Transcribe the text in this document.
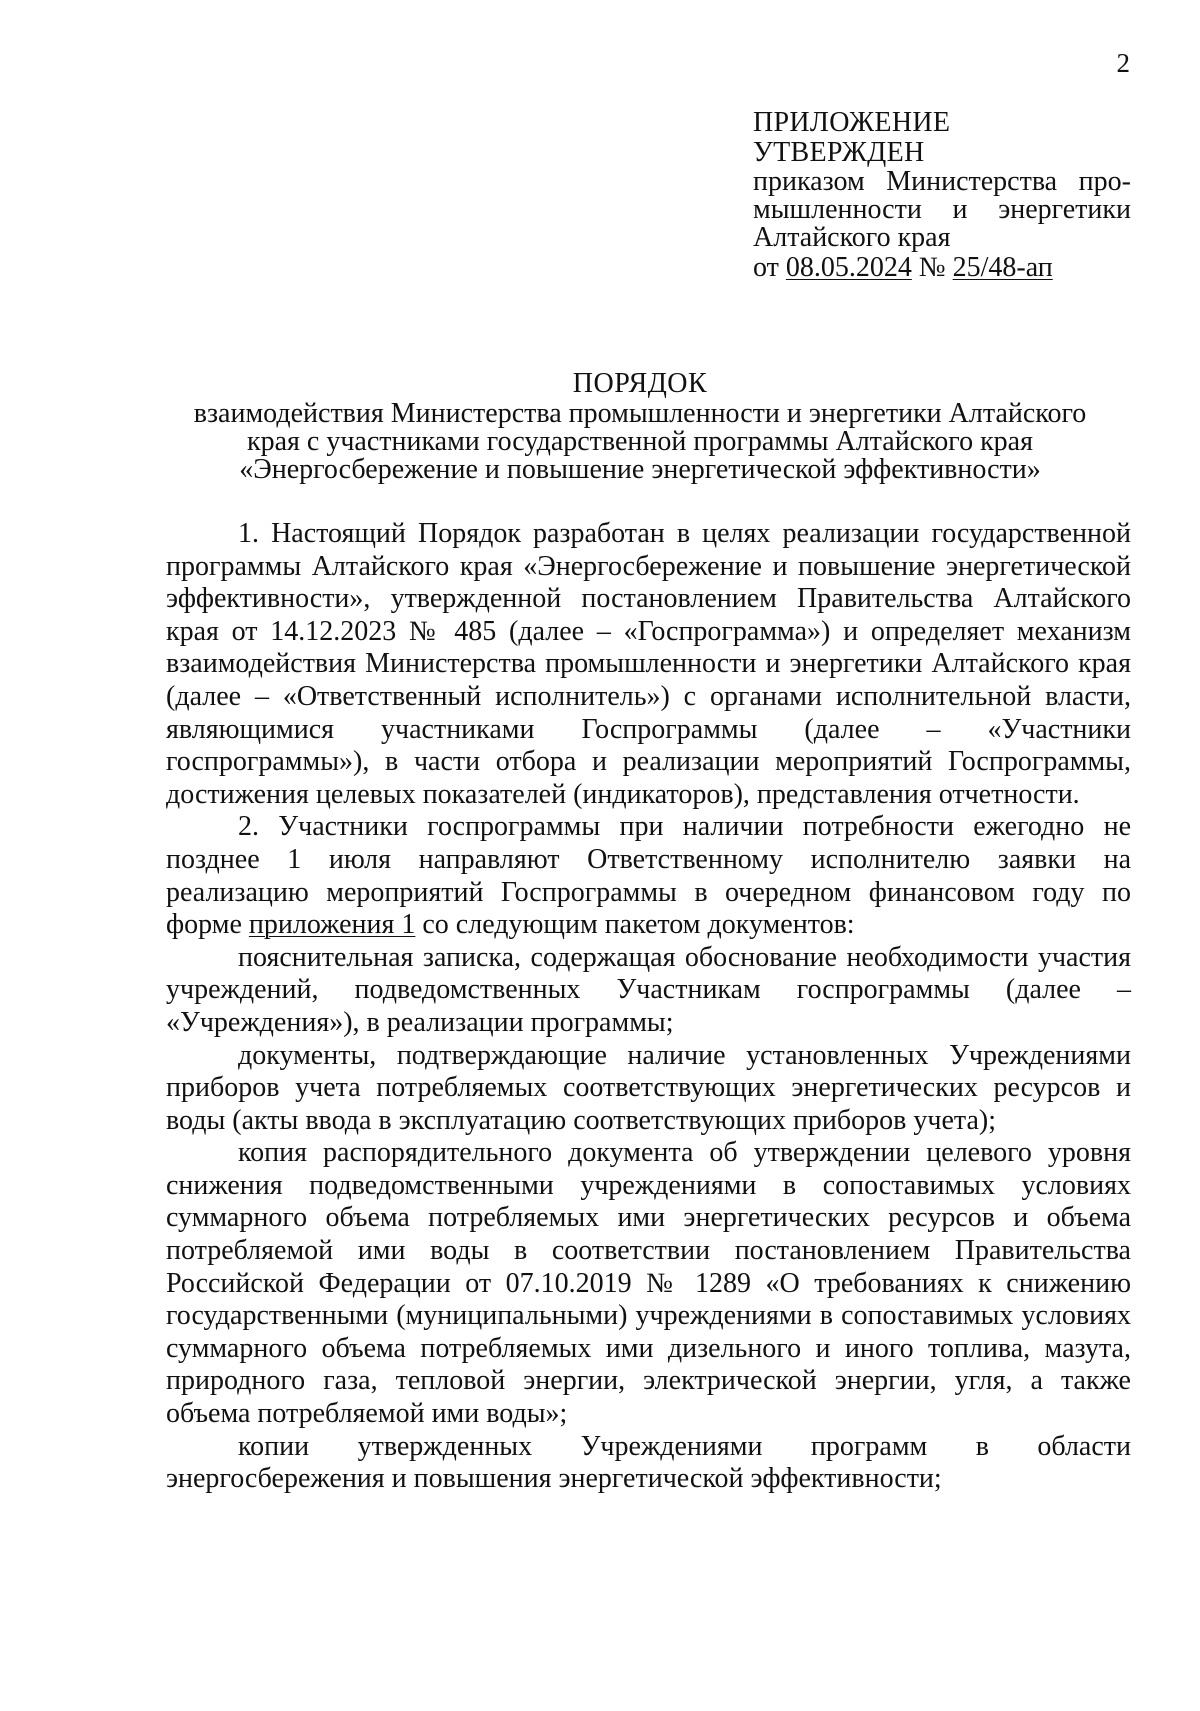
2
ПРИЛОЖЕНИЕ
УТВЕРЖДЕН
приказом Министерства про-
мышленности и энергетики
Алтайского края
от 08.05.2024 № 25/48-ап
ПОРЯДОК
взаимодействия Министерства промышленности и энергетики Алтайского
края с участниками государственной программы Алтайского края
«Энергосбережение и повышение энергетической эффективности»

1. Настоящий Порядок разработан в целях реализации государственной программы Алтайского края «Энергосбережение и повышение энергетической эффективности», утвержденной постановлением Правительства Алтайского края от 14.12.2023 № 485 (далее – «Госпрограмма») и определяет механизм взаимодействия Министерства промышленности и энергетики Алтайского края (далее – «Ответственный исполнитель») с органами исполнительной власти, являющимися участниками Госпрограммы (далее – «Участники госпрограммы»), в части отбора и реализации мероприятий Госпрограммы, достижения целевых показателей (индикаторов), представления отчетности.

2. Участники госпрограммы при наличии потребности ежегодно не позднее 1 июля направляют Ответственному исполнителю заявки на реализацию мероприятий Госпрограммы в очередном финансовом году по форме приложения 1 со следующим пакетом документов:

пояснительная записка, содержащая обоснование необходимости участия учреждений, подведомственных Участникам госпрограммы (далее – «Учреждения»), в реализации программы;

документы, подтверждающие наличие установленных Учреждениями приборов учета потребляемых соответствующих энергетических ресурсов и воды (акты ввода в эксплуатацию соответствующих приборов учета);

копия распорядительного документа об утверждении целевого уровня снижения подведомственными учреждениями в сопоставимых условиях суммарного объема потребляемых ими энергетических ресурсов и объема потребляемой ими воды в соответствии постановлением Правительства Российской Федерации от 07.10.2019 № 1289 «О требованиях к снижению государственными (муниципальными) учреждениями в сопоставимых условиях суммарного объема потребляемых ими дизельного и иного топлива, мазута, природного газа, тепловой энергии, электрической энергии, угля, а также объема потребляемой ими воды»;

копии утвержденных Учреждениями программ в области энергосбережения и повышения энергетической эффективности;
